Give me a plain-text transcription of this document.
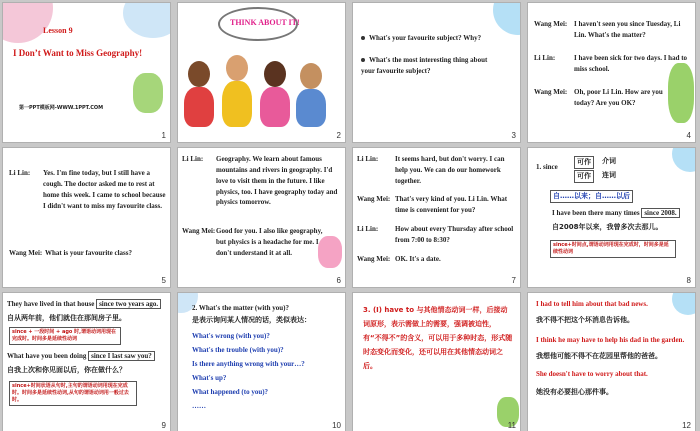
Lesson 9
I Don’t Want to Miss Geography!
第一PPT模板网-WWW.1PPT.COM
1
THINK ABOUT IT!
2
What's your favourite subject? Why?
What's the most interesting thing about your favourite subject?
3
Wang Mei: I haven't seen you since Tuesday, Li Lin. What's the matter?
Li Lin:	I have been sick for two days. I had to miss school.
Wang Mei: Oh, poor Li Lin. How are you today? Are you OK?
4
Li Lin:	Yes. I'm fine today, but I still have a cough. The doctor asked me to rest at home this week. I came to school because I didn't want to miss my favourite class.
Wang Mei: What is your favourite class?
5
Li Lin:	Geography. We learn about famous mountains and rivers in geography. I'd love to visit them in the future. I like physics, too. I have geography today and physics tomorrow.
Wang Mei: Good for you. I also like geography, but physics is a headache for me. I don't understand it at all.
6
Li Lin:	It seems hard, but don't worry. I can help you. We can do our homework together.
Wang Mei: That's very kind of you. Li Lin. What time is convenient for you?
Li Lin:	How about every Thursday after school from 7:00 to 8:30?
Wang Mei: OK. It's a date.
7
1. since
可作	介词
可作	连词
自……以来；自……以后
I have been there many times since 2008.
自2008年以来，我曾多次去那儿。
since+时间点,谓语动词用现在完成时，时间多是延续性动词
8
They have lived in that house since two years ago.
自从两年前，他们就住在那间房子里。
since + 一段时间 + ago 时,谓语动词用现在完成时。时间多是延续性动词
What have you been doing since I last saw you?
自我上次和你见面以后，你在做什么？
since+时间状语从句时,主句的谓语动词用现在完成时。时间多是延续性动词,从句的谓语动词用一般过去时。
9
2. What's the matter (with you)?
是表示询问某人情况的话，类似表达：
What's wrong (with you)?
What's the trouble (with you)?
Is there anything wrong with your…?
What's up?
What happened (to you)?
……
10
3. (I) have to 与其他情态动词一样，后接动词原形，表示需做上的需要，强调被迫性，有“不得不”的含义，可以用于多种时态，形式随时态变化而变化，还可以用在其他情态动词之后。
11
I had to tell him about that bad news.
我不得不把这个坏消息告诉他。
I think he may have to help his dad in the garden.
我想他可能不得不在花园里帮他的爸爸。
She doesn't have to worry about that.
她没有必要担心那件事。
12
